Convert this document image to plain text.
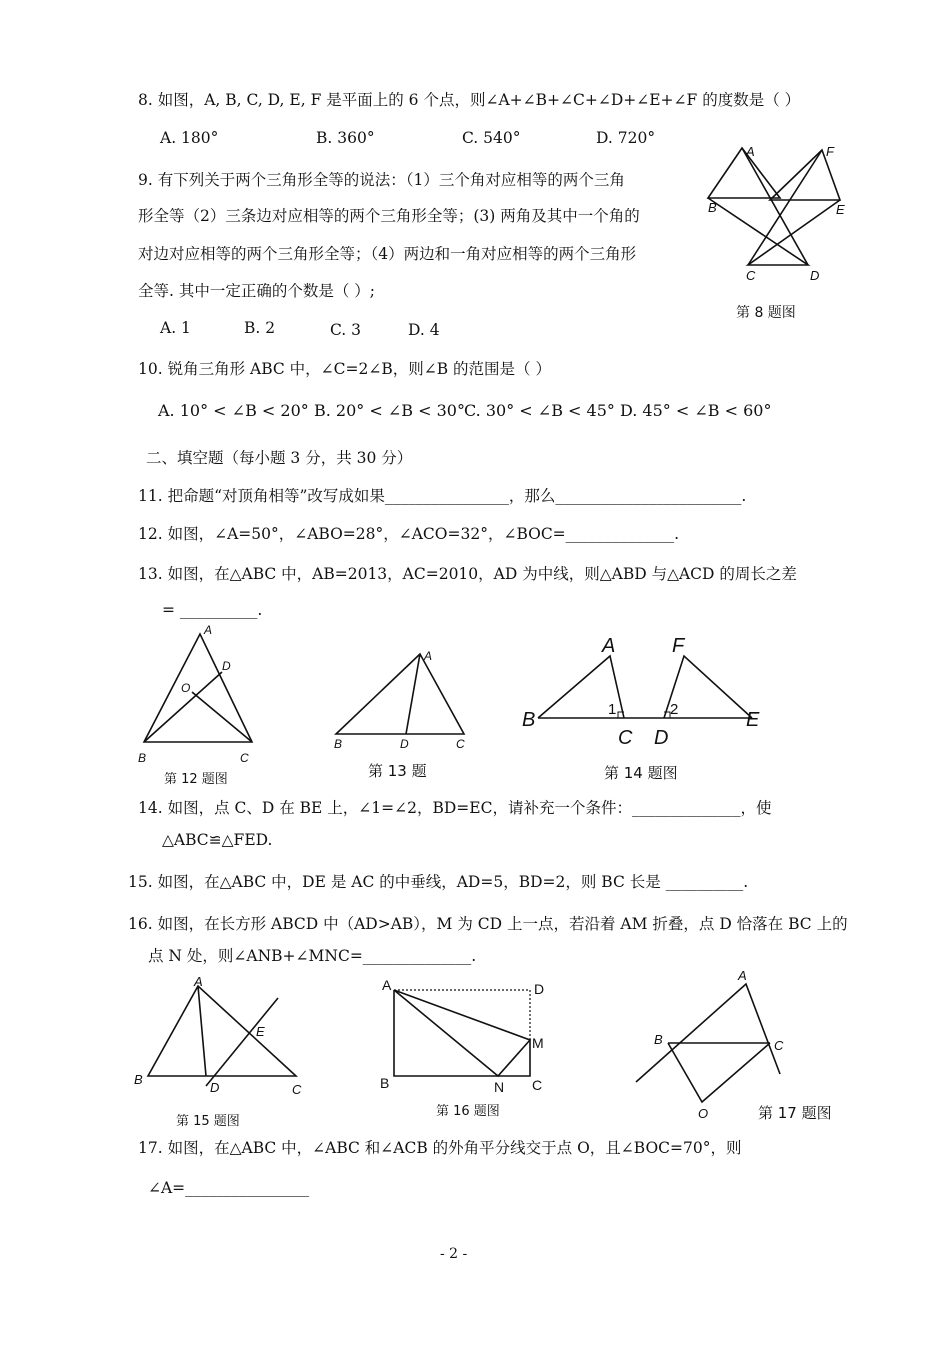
8. 如图，A, B, C, D, E, F 是平面上的 6 个点，则∠A+∠B+∠C+∠D+∠E+∠F 的度数是（ ）
A. 180°	B. 360°	C. 540°	D. 720°
A	F
B	E
C	D
第 8 题图
9. 有下列关于两个三角形全等的说法：（1）三个角对应相等的两个三角
形全等（2）三条边对应相等的两个三角形全等；(3) 两角及其中一个角的
对边对应相等的两个三角形全等；（4）两边和一角对应相等的两个三角形
全等. 其中一定正确的个数是（ ）;
A. 1	B. 2	C. 3	D. 4
10. 锐角三角形 ABC 中，∠C=2∠B，则∠B 的范围是（ ）
A. 10° < ∠B < 20° B. 20° < ∠B < 30° C. 30° < ∠B < 45° D. 45° < ∠B < 60°
二、填空题（每小题 3 分，共 30 分）
11. 把命题“对顶角相等”改写成如果________________，那么________________________.
12. 如图，∠A=50°，∠ABO=28°，∠ACO=32°，∠BOC=______________.
13. 如图，在△ABC 中，AB=2013，AC=2010，AD 为中线，则△ABD 与△ACD 的周长之差
= __________.
A
D
O
B	C
A
B	D	C
A	F
B	1	2	E
C D
第 12 题图	第 13 题	第 14 题图
14. 如图，点 C、D 在 BE 上，∠1=∠2，BD=EC，请补充一个条件：______________，使
△ABC≌△FED.
15. 如图，在△ABC 中，DE 是 AC 的中垂线，AD=5，BD=2，则 BC 长是 __________.
16. 如图，在长方形 ABCD 中（AD>AB），M 为 CD 上一点，若沿着 AM 折叠，点 D 恰落在 BC 上的
点 N 处，则∠ANB+∠MNC=______________.
A
E
B
D	C
A	D
M
B	N C
A
B	C
O
第 15 题图
第 16 题图	第 17 题图
17. 如图，在△ABC 中，∠ABC 和∠ACB 的外角平分线交于点 O，且∠BOC=70°，则
∠A=________________
- 2 -
